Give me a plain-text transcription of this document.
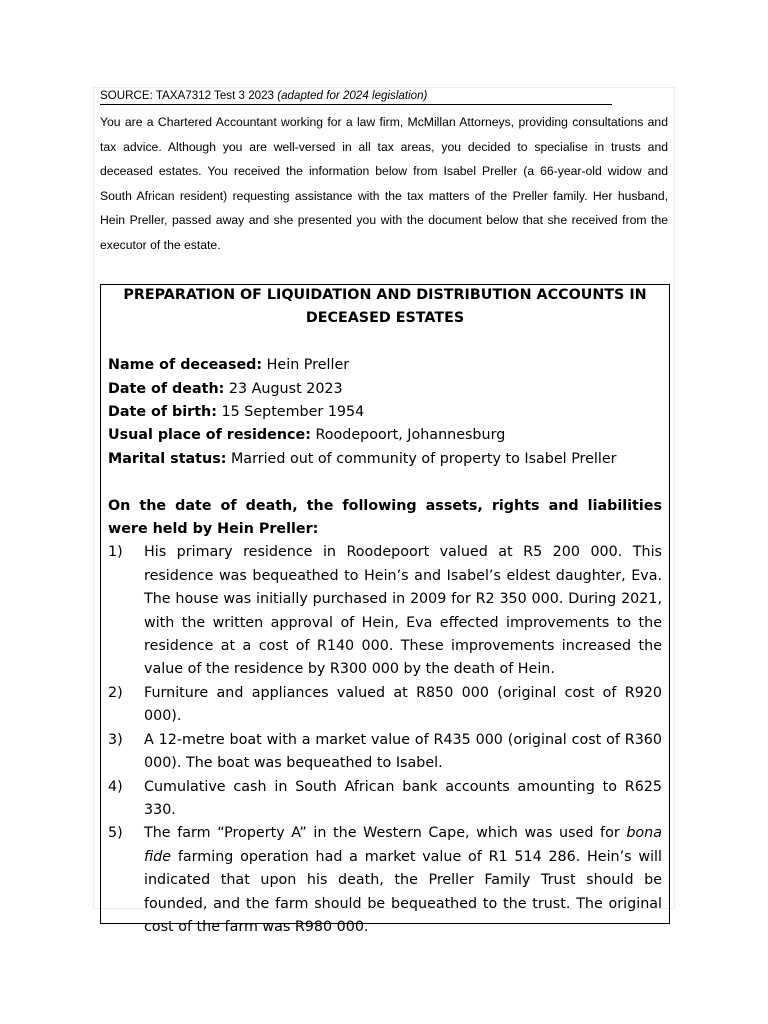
SOURCE: TAXA7312 Test 3 2023 (adapted for 2024 legislation)

You are a Chartered Accountant working for a law firm, McMillan Attorneys, providing consultations and tax advice. Although you are well-versed in all tax areas, you decided to specialise in trusts and deceased estates. You received the information below from Isabel Preller (a 66-year-old widow and South African resident) requesting assistance with the tax matters of the Preller family. Her husband, Hein Preller, passed away and she presented you with the document below that she received from the executor of the estate.

PREPARATION OF LIQUIDATION AND DISTRIBUTION ACCOUNTS IN DECEASED ESTATES

Name of deceased: Hein Preller

Date of death: 23 August 2023

Date of birth: 15 September 1954

Usual place of residence: Roodepoort, Johannesburg

Marital status: Married out of community of property to Isabel Preller

On the date of death, the following assets, rights and liabilities were held by Hein Preller:

1)	His primary residence in Roodepoort valued at R5 200 000. This residence was bequeathed to Hein’s and Isabel’s eldest daughter, Eva. The house was initially purchased in 2009 for R2 350 000. During 2021, with the written approval of Hein, Eva effected improvements to the residence at a cost of R140 000. These improvements increased the value of the residence by R300 000 by the death of Hein.
2)	Furniture and appliances valued at R850 000 (original cost of R920 000).
3)	A 12-metre boat with a market value of R435 000 (original cost of R360 000). The boat was bequeathed to Isabel.
4)	Cumulative cash in South African bank accounts amounting to R625 330.
5)	The farm “Property A” in the Western Cape, which was used for bona fide farming operation had a market value of R1 514 286. Hein’s will indicated that upon his death, the Preller Family Trust should be founded, and the farm should be bequeathed to the trust. The original cost of the farm was R980 000.
